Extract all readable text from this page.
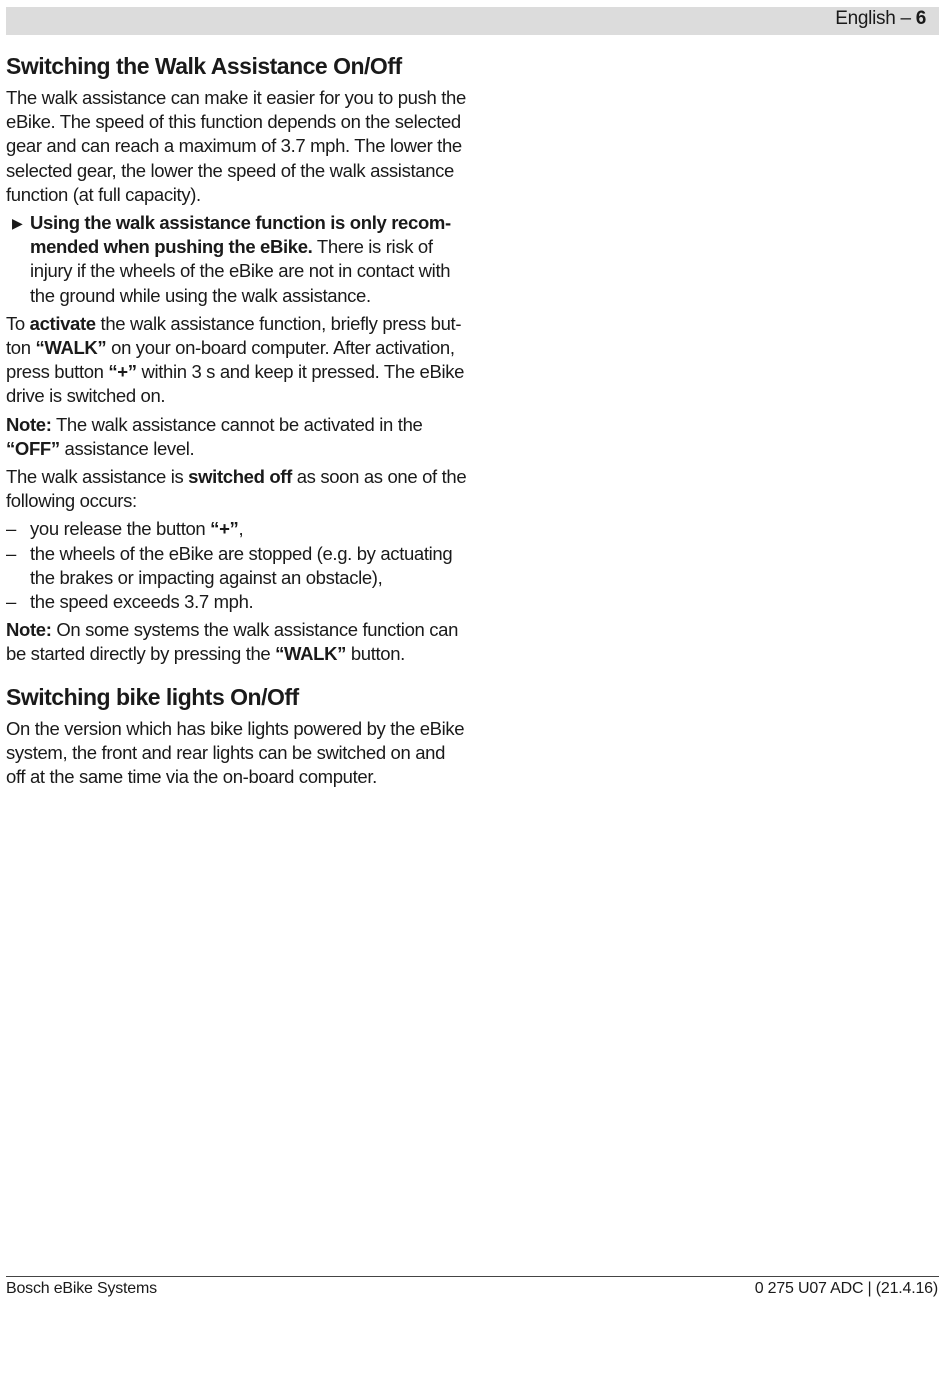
English – 6
Switching the Walk Assistance On/Off

The walk assistance can make it easier for you to push the eBike. The speed of this function depends on the selected gear and can reach a maximum of 3.7 mph. The lower the selected gear, the lower the speed of the walk assistance function (at full capacity).

▶ Using the walk assistance function is only recommended when pushing the eBike. There is risk of injury if the wheels of the eBike are not in contact with the ground while using the walk assistance.

To activate the walk assistance function, briefly press button “WALK” on your on-board computer. After activation, press button “+” within 3 s and keep it pressed. The eBike drive is switched on.

Note: The walk assistance cannot be activated in the “OFF” assistance level.

The walk assistance is switched off as soon as one of the following occurs:

– you release the button “+”,
– the wheels of the eBike are stopped (e.g. by actuating the brakes or impacting against an obstacle),
– the speed exceeds 3.7 mph.

Note: On some systems the walk assistance function can be started directly by pressing the “WALK” button.

Switching bike lights On/Off

On the version which has bike lights powered by the eBike system, the front and rear lights can be switched on and off at the same time via the on-board computer.

Bosch eBike Systems	0 275 U07 ADC | (21.4.16)
